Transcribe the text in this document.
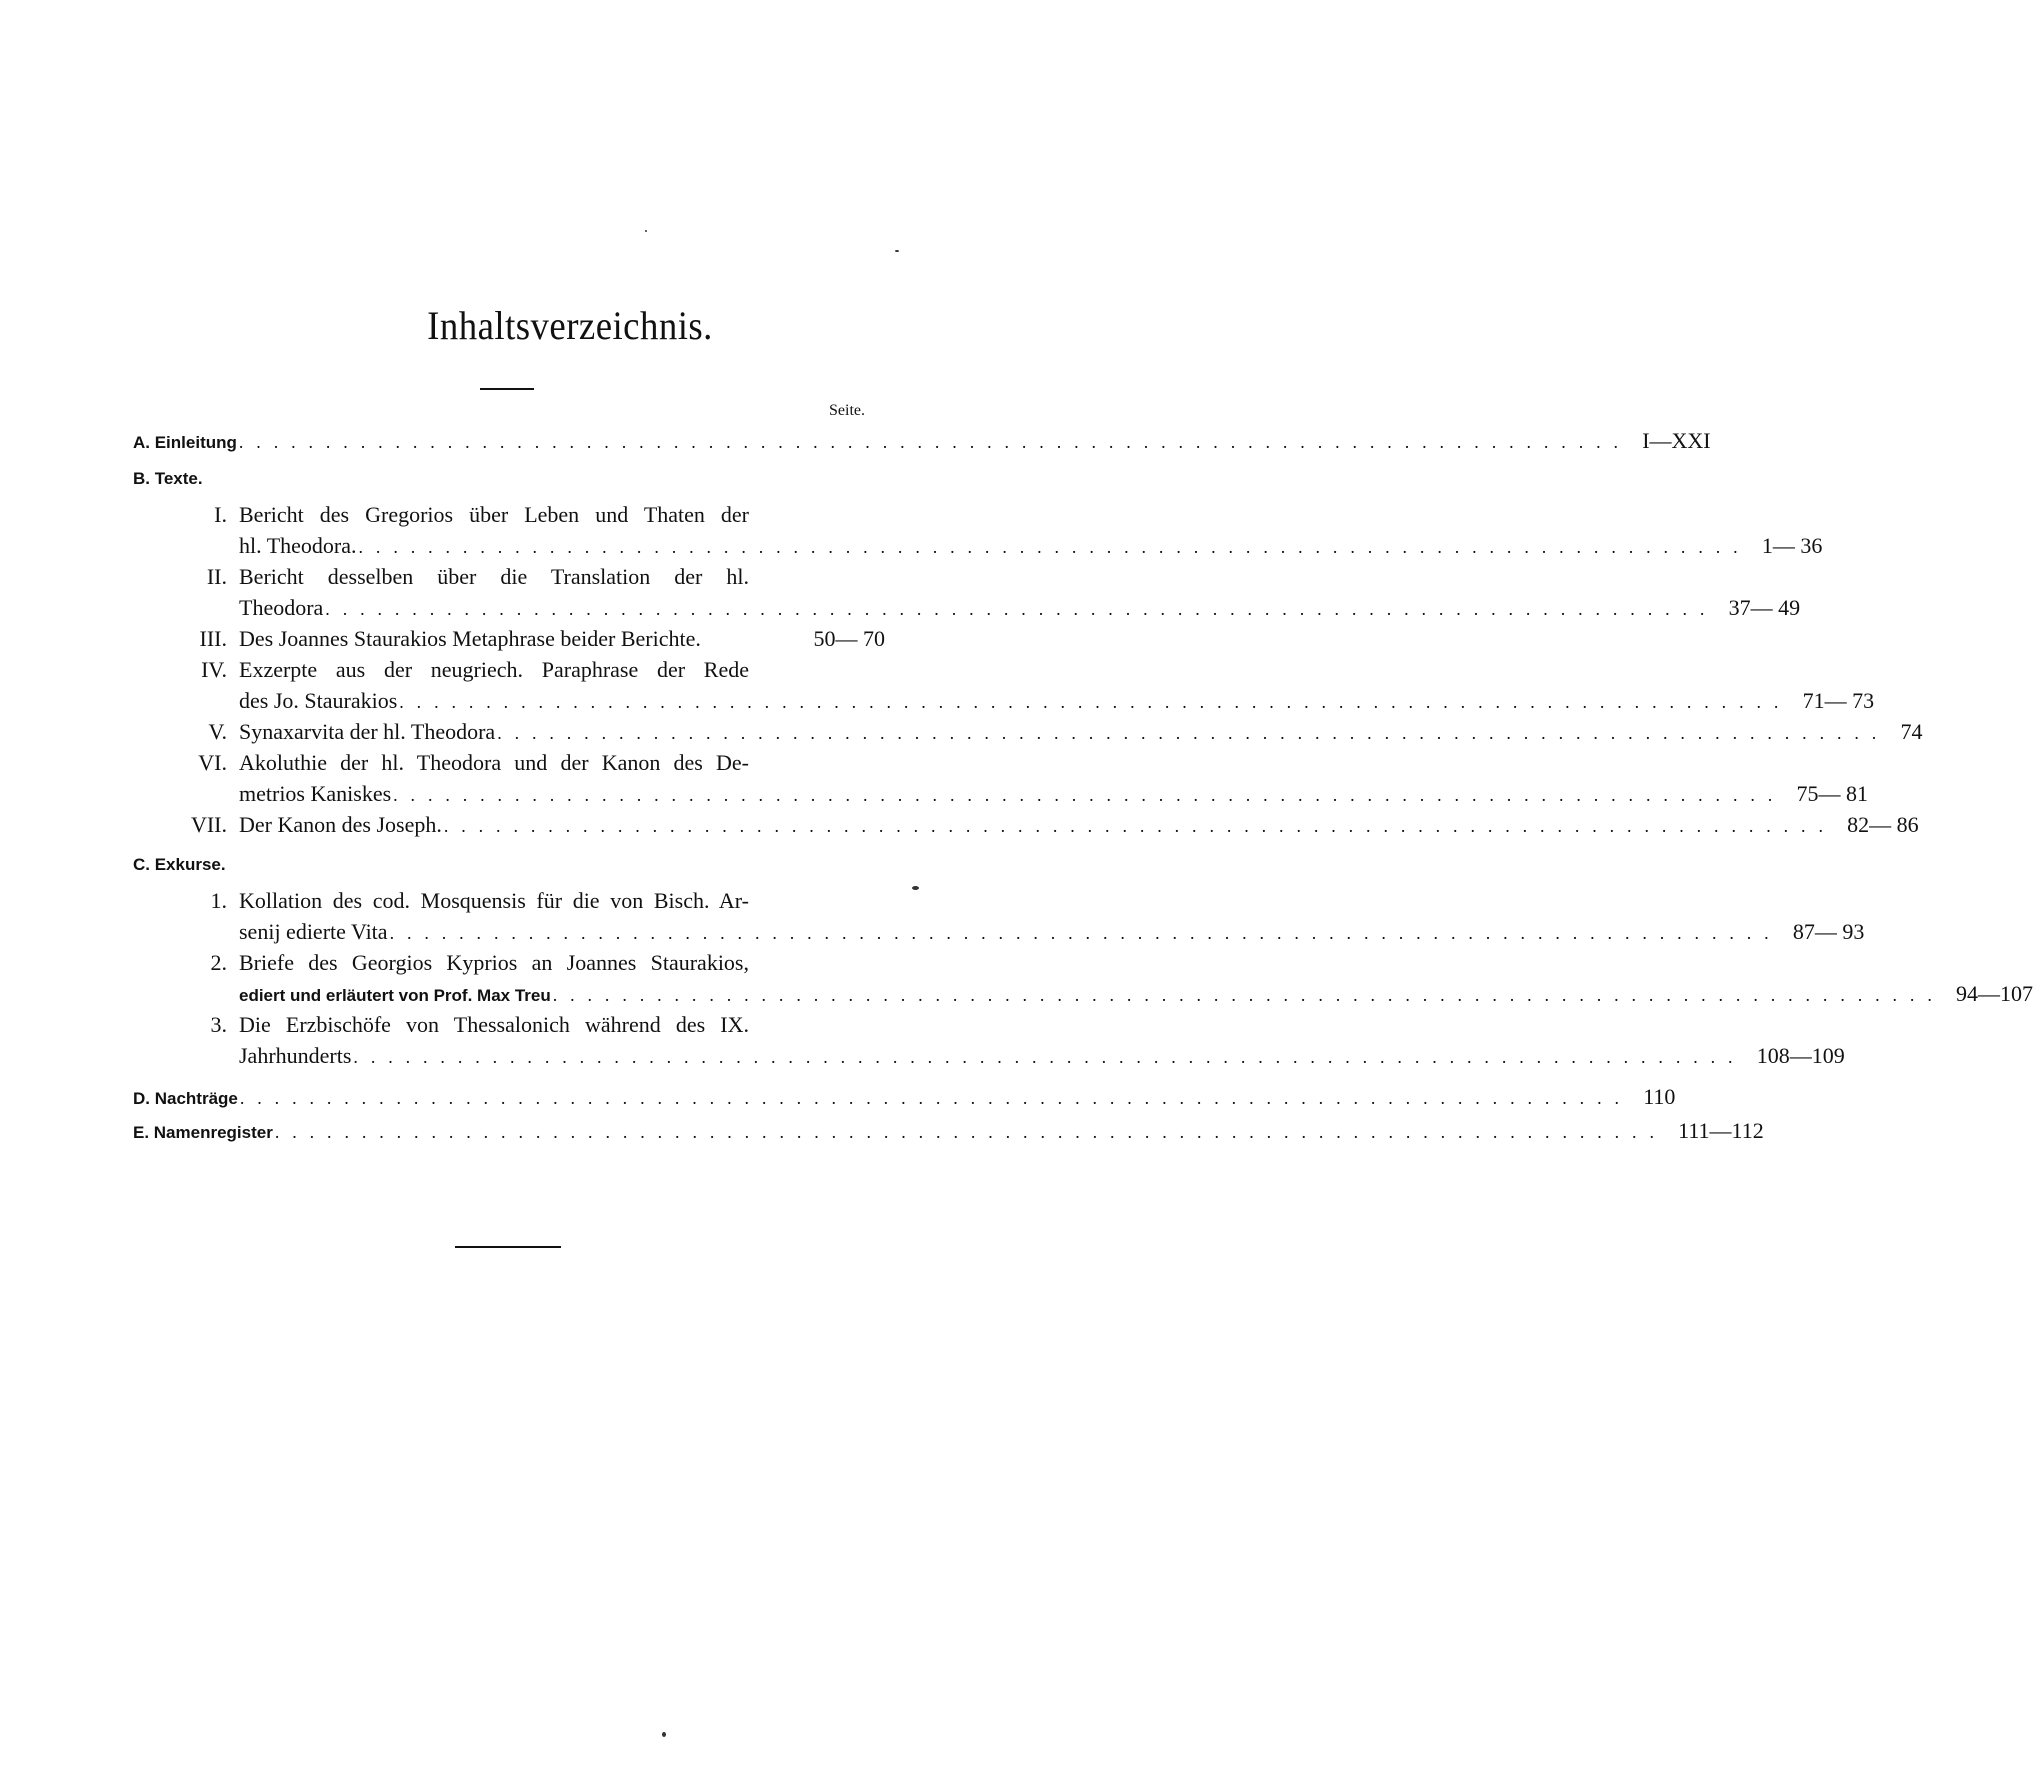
Inhaltsverzeichnis.
Seite.
A. Einleitung . . . . . . . . . . . . . . . . . . . . . . . . . . . . . . . . . . . . . . . . . . . . . . . . . . . . . . . . . . . . . . . . . . . . . . . . . . . . . . . . I—XXI
B. Texte.
I. Bericht des Gregorios über Leben und Thaten der
hl. Theodora. . . . . . . . . . . . . . . . . . . . . . . . . . . . . . . . . . . . . . . . . . . . . . . . . . . . . . . . . . . . . . . . . . . . . . . . . . . . . . . . . 1— 36
II. Bericht desselben über die Translation der hl.
Theodora . . . . . . . . . . . . . . . . . . . . . . . . . . . . . . . . . . . . . . . . . . . . . . . . . . . . . . . . . . . . . . . . . . . . . . . . . . . . . . . . 37— 49
III. Des Joannes Staurakios Metaphrase beider Berichte.	50— 70
IV. Exzerpte aus der neugriech. Paraphrase der Rede
des Jo. Staurakios . . . . . . . . . . . . . . . . . . . . . . . . . . . . . . . . . . . . . . . . . . . . . . . . . . . . . . . . . . . . . . . . . . . . . . . . . . . . . . . . 71— 73
V. Synaxarvita der hl. Theodora . . . . . . . . . . . . . . . . . . . . . . . . . . . . . . . . . . . . . . . . . . . . . . . . . . . . . . . . . . . . . . . . . . . . . . . . . . . . . . . . 74
VI. Akoluthie der hl. Theodora und der Kanon des De-
metrios Kaniskes . . . . . . . . . . . . . . . . . . . . . . . . . . . . . . . . . . . . . . . . . . . . . . . . . . . . . . . . . . . . . . . . . . . . . . . . . . . . . . . . 75— 81
VII. Der Kanon des Joseph. . . . . . . . . . . . . . . . . . . . . . . . . . . . . . . . . . . . . . . . . . . . . . . . . . . . . . . . . . . . . . . . . . . . . . . . . . . . . . . . . 82— 86
C. Exkurse.
1. Kollation des cod. Mosquensis für die von Bisch. Ar-
senij edierte Vita . . . . . . . . . . . . . . . . . . . . . . . . . . . . . . . . . . . . . . . . . . . . . . . . . . . . . . . . . . . . . . . . . . . . . . . . . . . . . . . . 87— 93
2. Briefe des Georgios Kyprios an Joannes Staurakios,
ediert und erläutert von Prof. Max Treu . . . . . . . . . . . . . . . . . . . . . . . . . . . . . . . . . . . . . . . . . . . . . . . . . . . . . . . . . . . . . . . . . . . . . . . . . . . . . . . . 94—107
3. Die Erzbischöfe von Thessalonich während des IX.
Jahrhunderts . . . . . . . . . . . . . . . . . . . . . . . . . . . . . . . . . . . . . . . . . . . . . . . . . . . . . . . . . . . . . . . . . . . . . . . . . . . . . . . . 108—109
D. Nachträge . . . . . . . . . . . . . . . . . . . . . . . . . . . . . . . . . . . . . . . . . . . . . . . . . . . . . . . . . . . . . . . . . . . . . . . . . . . . . . . . 110
E. Namenregister . . . . . . . . . . . . . . . . . . . . . . . . . . . . . . . . . . . . . . . . . . . . . . . . . . . . . . . . . . . . . . . . . . . . . . . . . . . . . . . . 111—112
